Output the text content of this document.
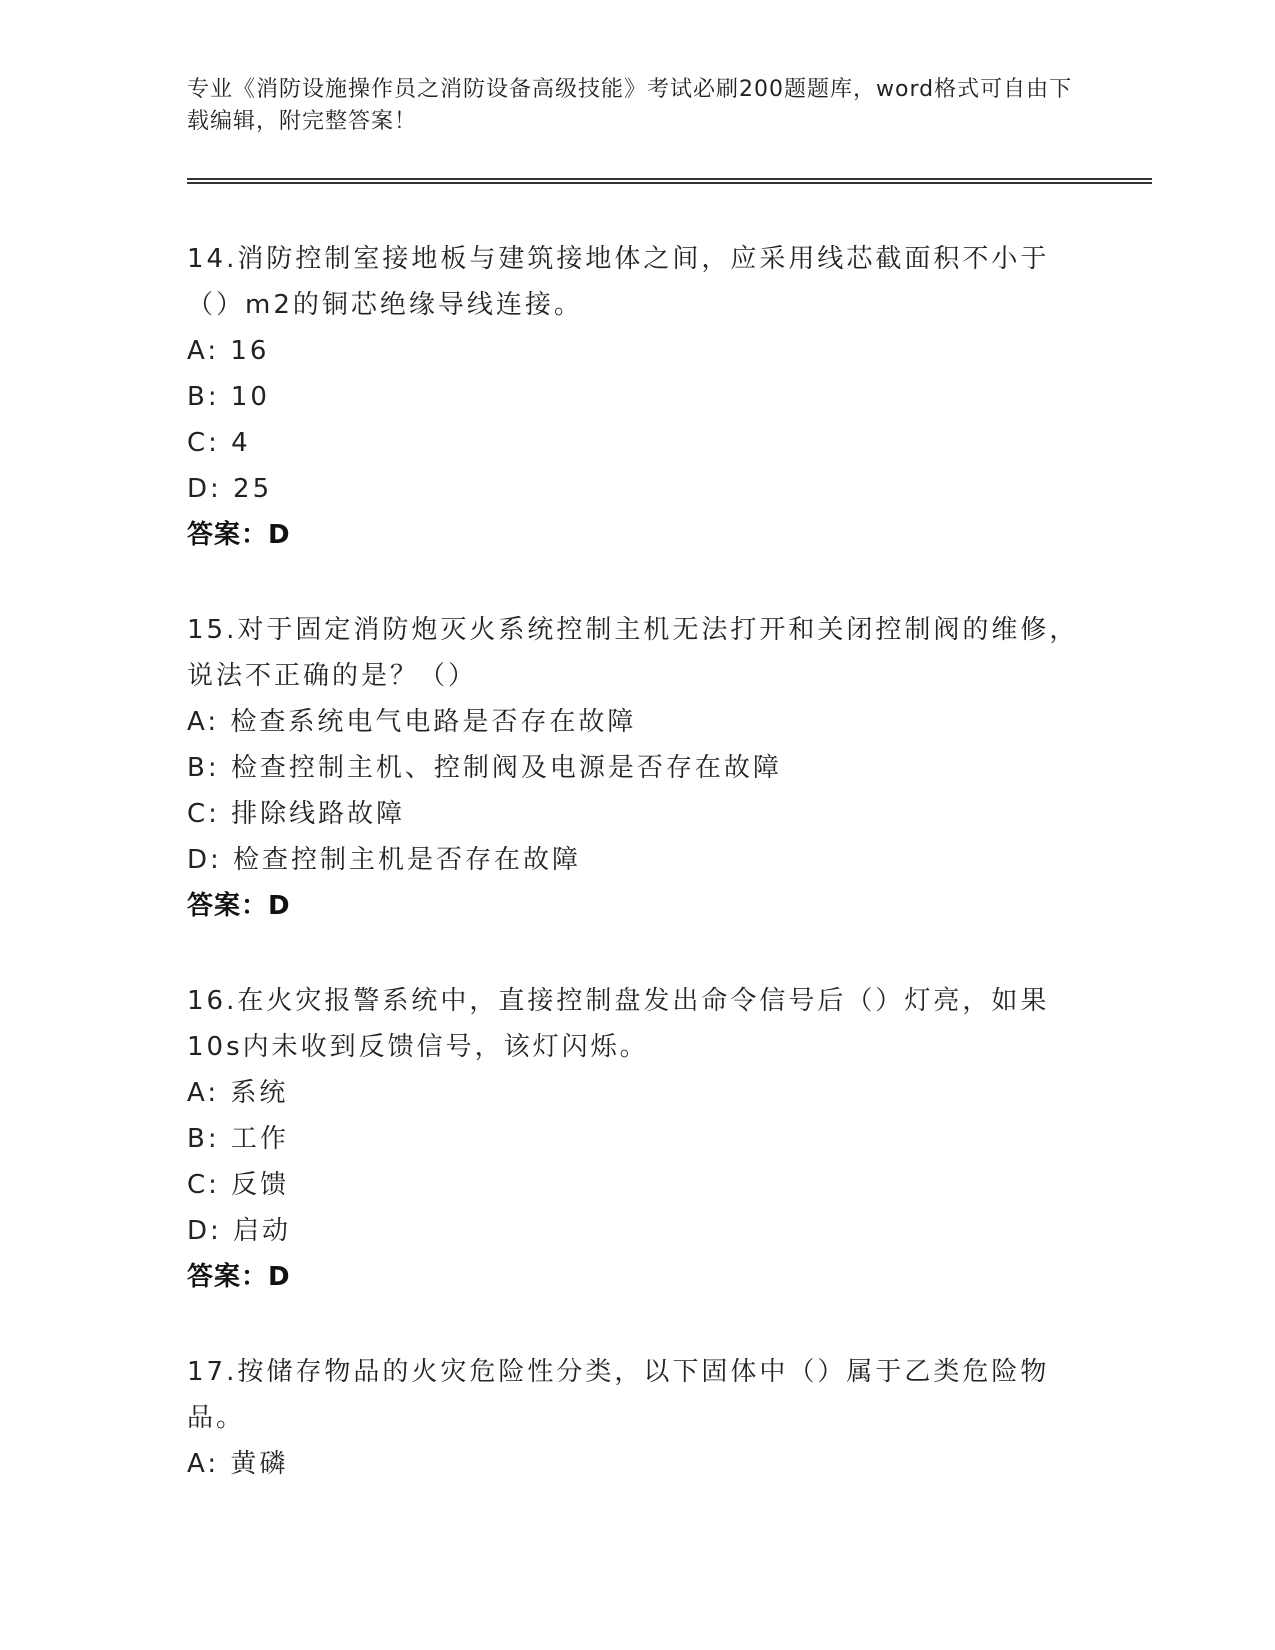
专业《消防设施操作员之消防设备高级技能》考试必刷200题题库，word格式可自由下载编辑，附完整答案！
14.消防控制室接地板与建筑接地体之间，应采用线芯截面积不小于（）m2的铜芯绝缘导线连接。
A: 16
B: 10
C: 4
D: 25
答案：D
15.对于固定消防炮灭火系统控制主机无法打开和关闭控制阀的维修，说法不正确的是？（）
A: 检查系统电气电路是否存在故障
B: 检查控制主机、控制阀及电源是否存在故障
C: 排除线路故障
D: 检查控制主机是否存在故障
答案：D
16.在火灾报警系统中，直接控制盘发出命令信号后（）灯亮，如果10s内未收到反馈信号，该灯闪烁。
A: 系统
B: 工作
C: 反馈
D: 启动
答案：D
17.按储存物品的火灾危险性分类，以下固体中（）属于乙类危险物品。
A: 黄磷
